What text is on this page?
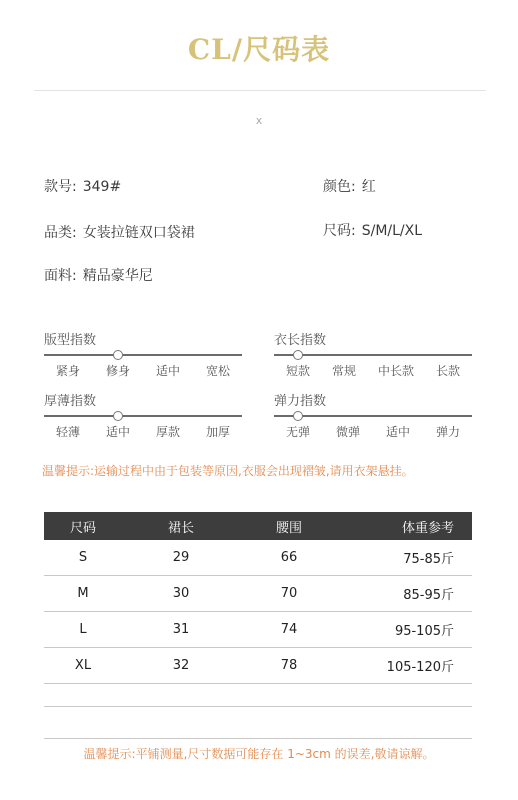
CL/尺码表
x
款号: 349#	颜色: 红
品类: 女装拉链双口袋裙	尺码: S/M/L/XL
面料: 精品豪华尼
版型指数
紧身 修身 适中 宽松
衣长指数
短款 常规 中长款 长款
厚薄指数
轻薄 适中 厚款 加厚
弹力指数
无弹 微弹 适中 弹力
温馨提示:运输过程中由于包装等原因,衣服会出现褶皱,请用衣架悬挂。
尺码	裙长	腰围	体重参考
S	29	66	75-85斤
M	30	70	85-95斤
L	31	74	95-105斤
XL	32	78	105-120斤
温馨提示:平铺测量,尺寸数据可能存在 1~3cm 的误差,敬请谅解。
